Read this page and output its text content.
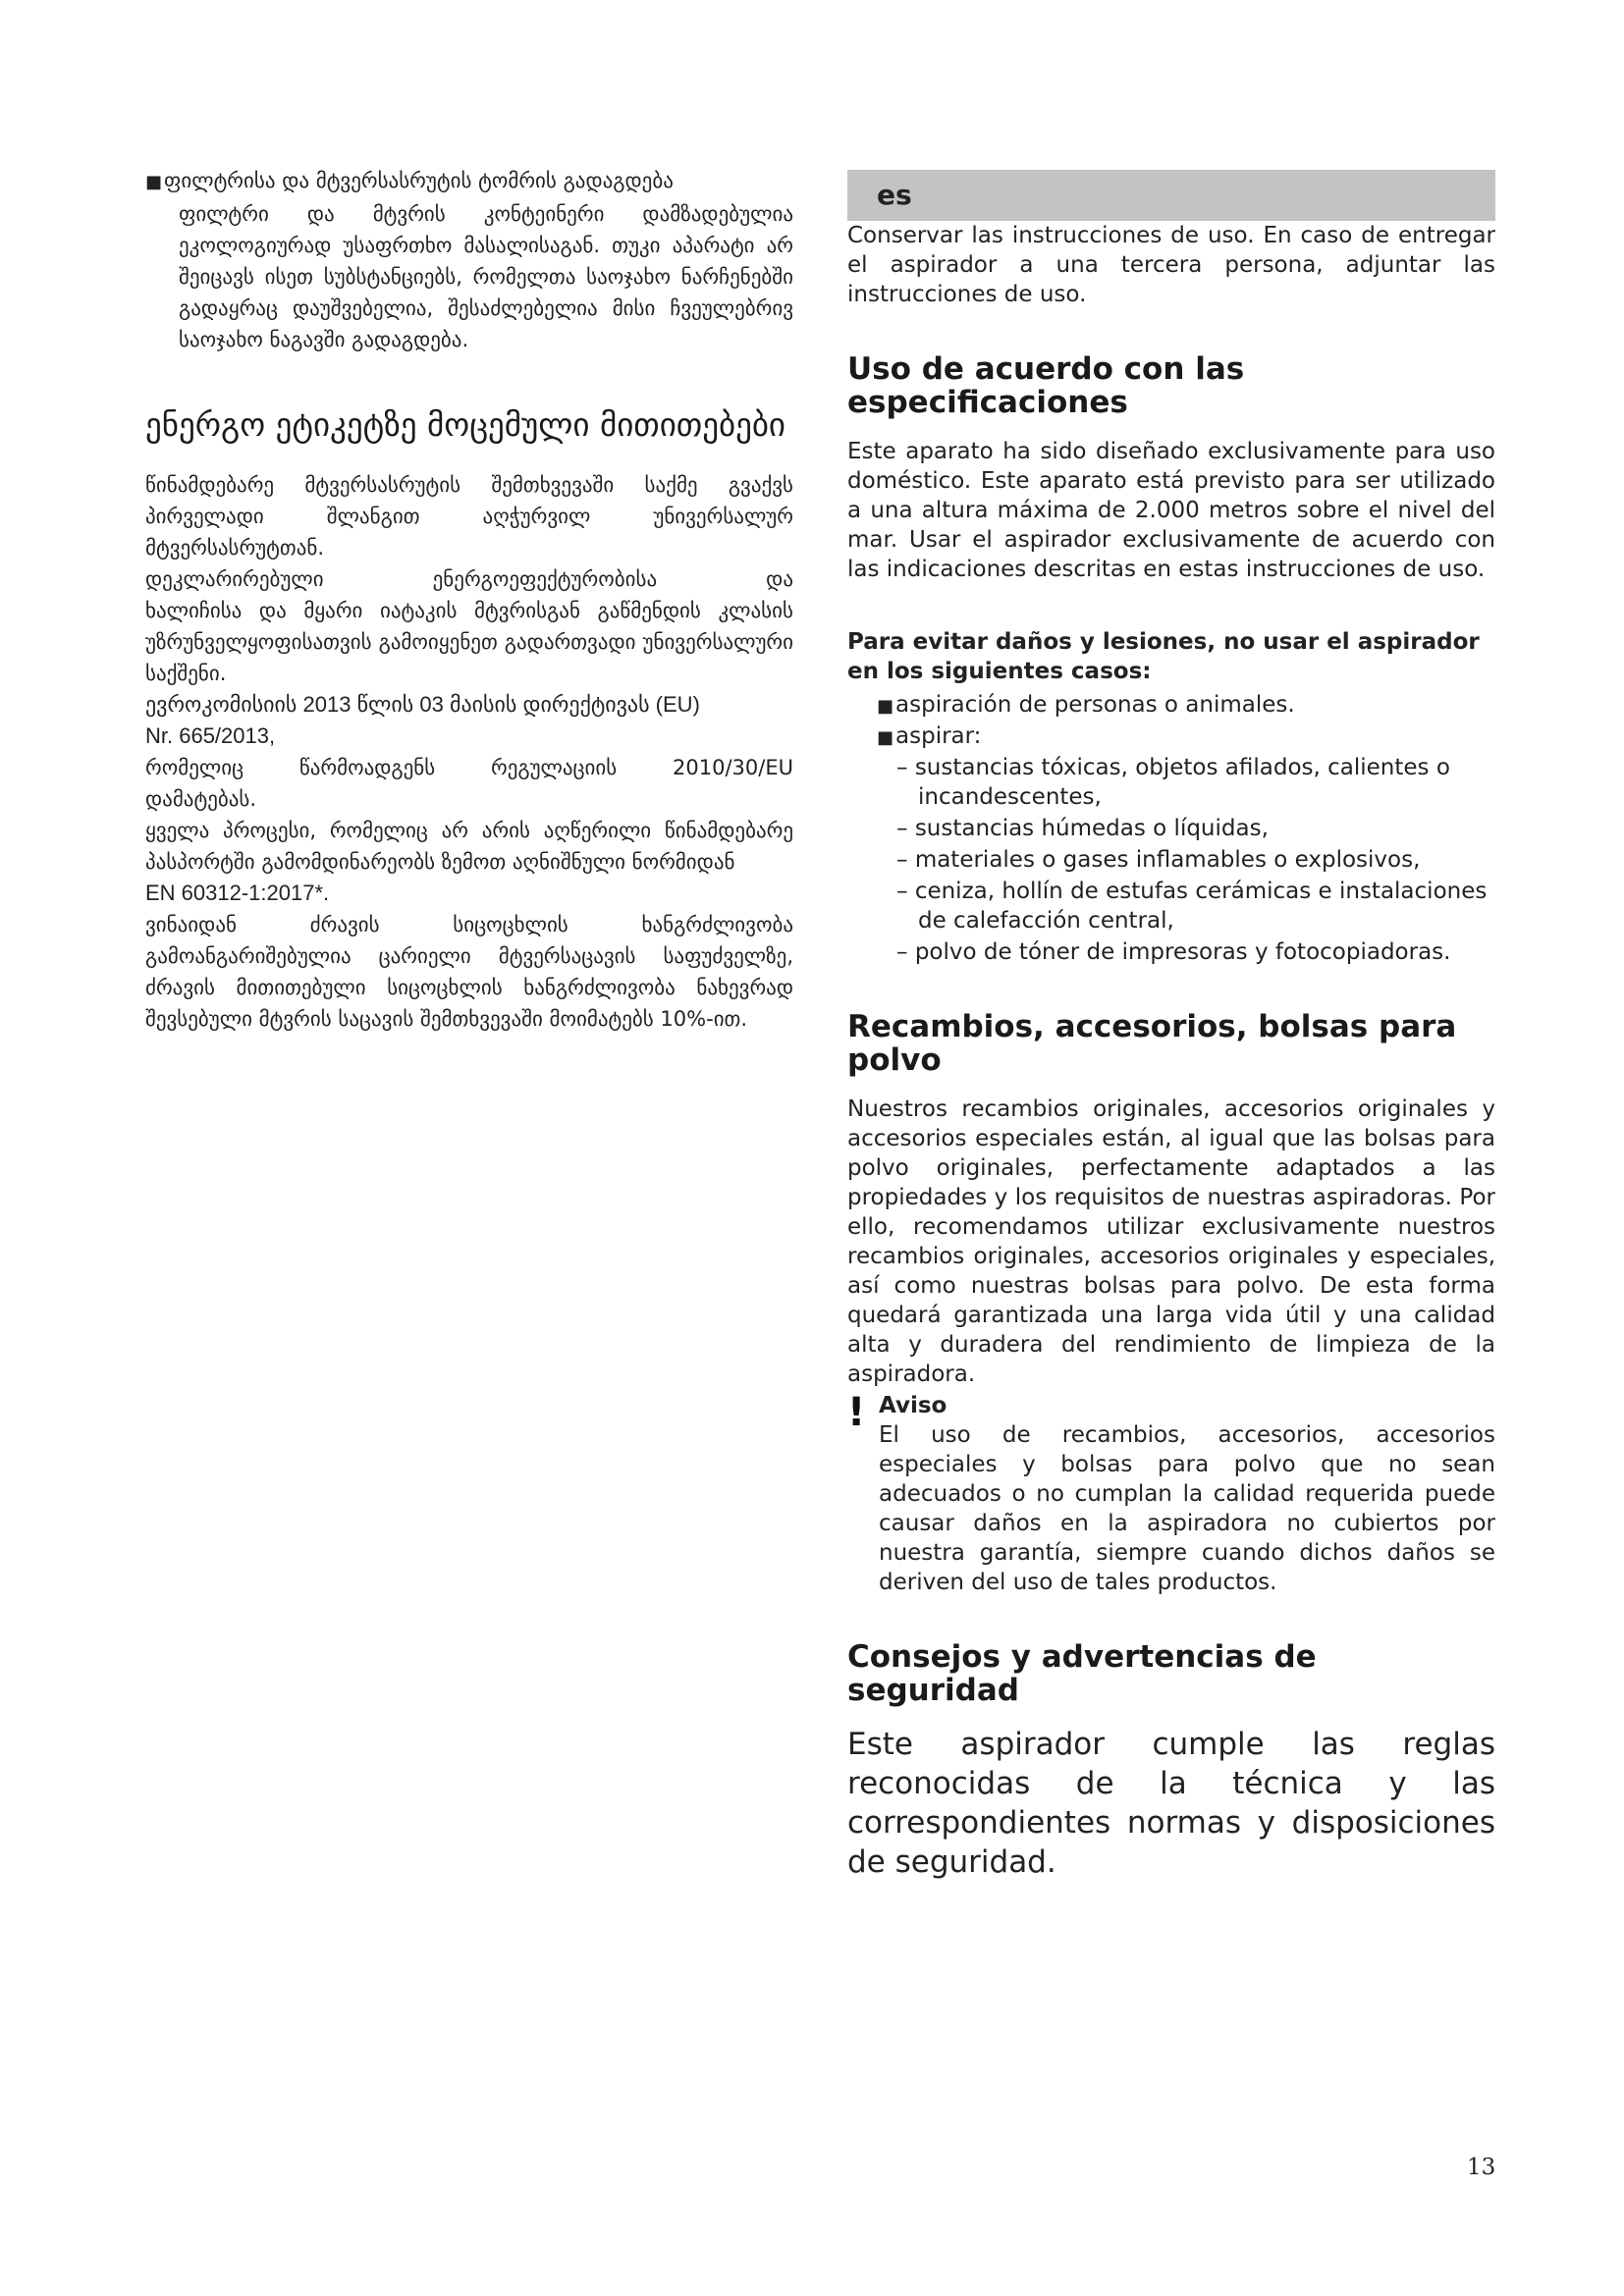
■ფილტრისა და მტვერსასრუტის ტომრის გადაგდება

ფილტრი და მტვრის კონტეინერი დამზადებულია ეკოლოგიურად უსაფრთხო მასალისაგან. თუკი აპარატი არ შეიცავს ისეთ სუბსტანციებს, რომელთა საოჯახო ნარჩენებში გადაყრაც დაუშვებელია, შესაძლებელია მისი ჩვეულებრივ საოჯახო ნაგავში გადაგდება.

ენერგო ეტიკეტზე მოცემული მითითებები

წინამდებარე მტვერსასრუტის შემთხვევაში საქმე გვაქვს პირველადი შლანგით აღჭურვილ უნივერსალურ მტვერსასრუტთან.

დეკლარირებული ენერგოეფექტურობისა და

ხალიჩისა და მყარი იატაკის მტვრისგან გაწმენდის კლასის

უზრუნველყოფისათვის გამოიყენეთ გადართვადი უნივერსალური საქშენი.

ევროკომისიის 2013 წლის 03 მაისის დირექტივას (EU)

Nr. 665/2013,

რომელიც წარმოადგენს რეგულაციის 2010/30/EU

დამატებას.

ყველა პროცესი, რომელიც არ არის აღწერილი წინამდებარე პასპორტში გამომდინარეობს ზემოთ აღნიშნული ნორმიდან

EN 60312-1:2017*.

ვინაიდან ძრავის სიცოცხლის ხანგრძლივობა გამოანგარიშებულია ცარიელი მტვერსაცავის საფუძველზე, ძრავის მითითებული სიცოცხლის ხანგრძლივობა ნახევრად შევსებული მტვრის საცავის შემთხვევაში მოიმატებს 10%-ით.

es

Conservar las instrucciones de uso. En caso de entregar el aspirador a una tercera persona, adjuntar las instrucciones de uso.

Uso de acuerdo con las especificaciones

Este aparato ha sido diseñado exclusivamente para uso doméstico. Este aparato está previsto para ser utilizado a una altura máxima de 2.000 metros sobre el nivel del mar. Usar el aspirador exclusivamente de acuerdo con las indicaciones descritas en estas instrucciones de uso.

Para evitar daños y lesiones, no usar el aspirador en los siguientes casos:

■aspiración de personas o animales.
■aspirar:
– sustancias tóxicas, objetos afilados, calientes o incandescentes,
– sustancias húmedas o líquidas,
– materiales o gases inflamables o explosivos,
– ceniza, hollín de estufas cerámicas e instalaciones de calefacción central,
– polvo de tóner de impresoras y fotocopiadoras.
Recambios, accesorios, bolsas para polvo

Nuestros recambios originales, accesorios originales y accesorios especiales están, al igual que las bolsas para polvo originales, perfectamente adaptados a las propiedades y los requisitos de nuestras aspiradoras. Por ello, recomendamos utilizar exclusivamente nuestros recambios originales, accesorios originales y especiales, así como nuestras bolsas para polvo. De esta forma quedará garantizada una larga vida útil y una calidad alta y duradera del rendimiento de limpieza de la aspiradora.

! Aviso

El uso de recambios, accesorios, accesorios especiales y bolsas para polvo que no sean adecuados o no cumplan la calidad requerida puede causar daños en la aspiradora no cubiertos por nuestra garantía, siempre cuando dichos daños se deriven del uso de tales productos.

Consejos y advertencias de seguridad

Este aspirador cumple las reglas reconocidas de la técnica y las correspondientes normas y disposiciones de seguridad.

13
